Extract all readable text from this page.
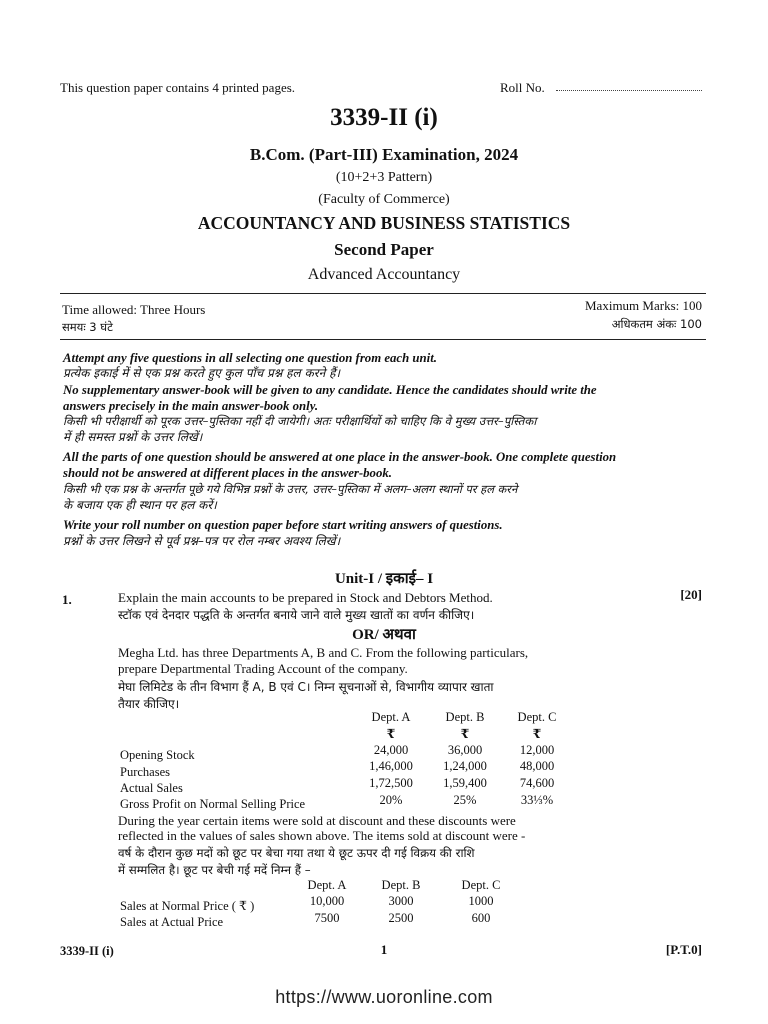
This question paper contains 4 printed pages.	Roll No.
3339-II (i)
B.Com. (Part-III) Examination, 2024
(10+2+3 Pattern)
(Faculty of Commerce)
ACCOUNTANCY AND BUSINESS STATISTICS
Second Paper
Advanced Accountancy
Time allowed: Three Hours
समयः 3 घंटे
Maximum Marks: 100
अधिकतम अंकः 100
Attempt any five questions in all selecting one question from each unit.
प्रत्येक इकाई में से एक प्रश्न करते हुए कुल पाँच प्रश्न हल करने हैं।
No supplementary answer-book will be given to any candidate. Hence the candidates should write the
answers precisely in the main answer-book only.
किसी भी परीक्षार्थी को पूरक उत्तर–पुस्तिका नहीं दी जायेगी। अतः परीक्षार्थियों को चाहिए कि वे मुख्य उत्तर–पुस्तिका
में ही समस्त प्रश्नों के उत्तर लिखें।
All the parts of one question should be answered at one place in the answer-book. One complete question
should not be answered at different places in the answer-book.
किसी भी एक प्रश्न के अन्तर्गत पूछे गये विभिन्न प्रश्नों के उत्तर, उत्तर–पुस्तिका में अलग–अलग स्थानों पर हल करने
के बजाय एक ही स्थान पर हल करें।
Write your roll number on question paper before start writing answers of questions.
प्रश्नों के उत्तर लिखने से पूर्व प्रश्न–पत्र पर रोल नम्बर अवश्य लिखें।
Unit-I / इकाई– I
1.	Explain the main accounts to be prepared in Stock and Debtors Method.
स्टॉक एवं देनदार पद्धति के अन्तर्गत बनाये जाने वाले मुख्य खातों का वर्णन कीजिए।
[20]
OR/ अथवा
Megha Ltd. has three Departments A, B and C. From the following particulars,
prepare Departmental Trading Account of the company.
मेघा लिमिटेड के तीन विभाग हैं A, B एवं C। निम्न सूचनाओं से, विभागीय व्यापार खाता
तैयार कीजिए।
Dept. A	Dept. B	Dept. C
₹	₹	₹
Opening Stock	24,000	36,000	12,000
Purchases	1,46,000	1,24,000	48,000
Actual Sales	1,72,500	1,59,400	74,600
Gross Profit on Normal Selling Price	20%	25%	33⅓%
During the year certain items were sold at discount and these discounts were
reflected in the values of sales shown above. The items sold at discount were -
वर्ष के दौरान कुछ मदों को छूट पर बेचा गया तथा ये छूट ऊपर दी गई विक्रय की राशि
में सम्मलित है। छूट पर बेची गई मदें निम्न हैं –
Dept. A	Dept. B	Dept. C
Sales at Normal Price ( ₹ )	10,000	3000	1000
Sales at Actual Price	7500	2500	600
3339-II (i)	1	[P.T.0]
https://www.uoronline.com
